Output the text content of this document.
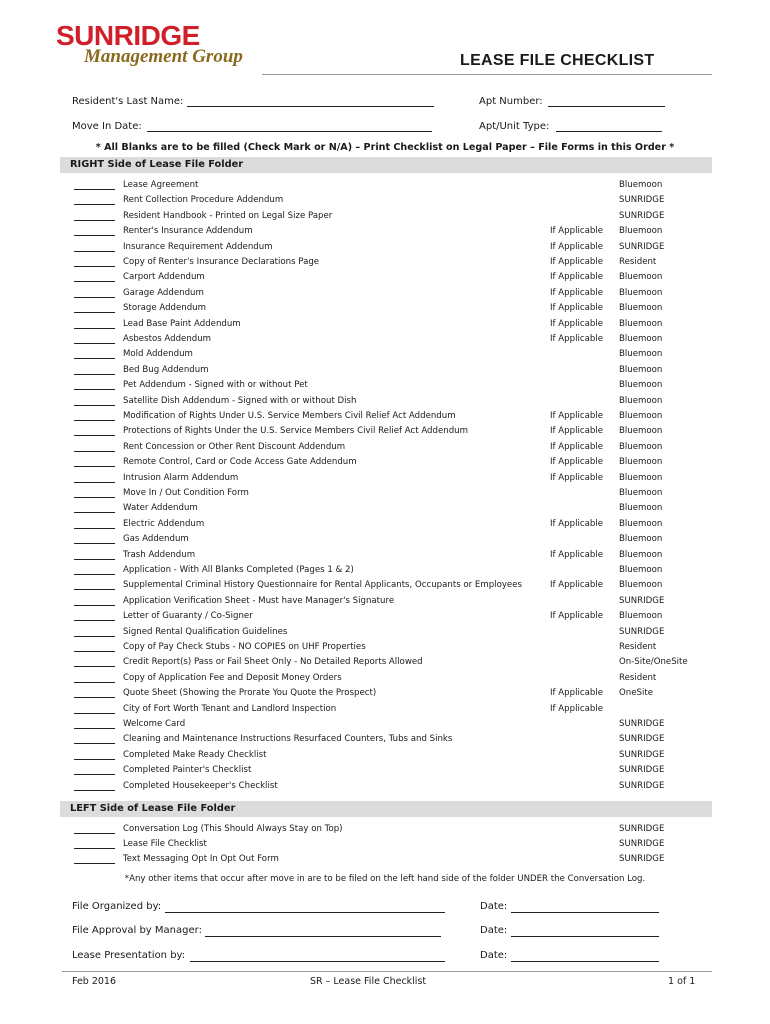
SUNRIDGE
Management Group	LEASE FILE CHECKLIST
Resident's Last Name:	Apt Number:
Move In Date:	Apt/Unit Type:
* All Blanks are to be filled (Check Mark or N/A) – Print Checklist on Legal Paper – File Forms in this Order *
RIGHT Side of Lease File Folder
Lease Agreement	Bluemoon
Rent Collection Procedure Addendum	SUNRIDGE
Resident Handbook - Printed on Legal Size Paper	SUNRIDGE
Renter's Insurance Addendum	If Applicable Bluemoon
Insurance Requirement Addendum	If Applicable SUNRIDGE
Copy of Renter's Insurance Declarations Page	If Applicable Resident
Carport Addendum	If Applicable Bluemoon
Garage Addendum	If Applicable Bluemoon
Storage Addendum	If Applicable Bluemoon
Lead Base Paint Addendum	If Applicable Bluemoon
Asbestos Addendum	If Applicable Bluemoon
Mold Addendum	Bluemoon
Bed Bug Addendum	Bluemoon
Pet Addendum - Signed with or without Pet	Bluemoon
Satellite Dish Addendum - Signed with or without Dish	Bluemoon
Modification of Rights Under U.S. Service Members Civil Relief Act Addendum	If Applicable Bluemoon
Protections of Rights Under the U.S. Service Members Civil Relief Act Addendum	If Applicable Bluemoon
Rent Concession or Other Rent Discount Addendum	If Applicable Bluemoon
Remote Control, Card or Code Access Gate Addendum	If Applicable Bluemoon
Intrusion Alarm Addendum	If Applicable Bluemoon
Move In / Out Condition Form	Bluemoon
Water Addendum	Bluemoon
Electric Addendum	If Applicable Bluemoon
Gas Addendum	Bluemoon
Trash Addendum	If Applicable Bluemoon
Application - With All Blanks Completed (Pages 1 & 2)	Bluemoon
Supplemental Criminal History Questionnaire for Rental Applicants, Occupants or Employees	If Applicable Bluemoon
Application Verification Sheet - Must have Manager's Signature	SUNRIDGE
Letter of Guaranty / Co-Signer	If Applicable Bluemoon
Signed Rental Qualification Guidelines	SUNRIDGE
Copy of Pay Check Stubs - NO COPIES on UHF Properties	Resident
Credit Report(s) Pass or Fail Sheet Only - No Detailed Reports Allowed	On-Site/OneSite
Copy of Application Fee and Deposit Money Orders	Resident
Quote Sheet (Showing the Prorate You Quote the Prospect)	If Applicable OneSite
City of Fort Worth Tenant and Landlord Inspection	If Applicable
Welcome Card	SUNRIDGE
Cleaning and Maintenance Instructions Resurfaced Counters, Tubs and Sinks	SUNRIDGE
Completed Make Ready Checklist	SUNRIDGE
Completed Painter's Checklist	SUNRIDGE
Completed Housekeeper's Checklist	SUNRIDGE
LEFT Side of Lease File Folder
Conversation Log (This Should Always Stay on Top)	SUNRIDGE
Lease File Checklist	SUNRIDGE
Text Messaging Opt In Opt Out Form	SUNRIDGE
*Any other items that occur after move in are to be filed on the left hand side of the folder UNDER the Conversation Log.
File Organized by:	Date:
File Approval by Manager:	Date:
Lease Presentation by:	Date:
Feb 2016	SR – Lease File Checklist	1 of 1
